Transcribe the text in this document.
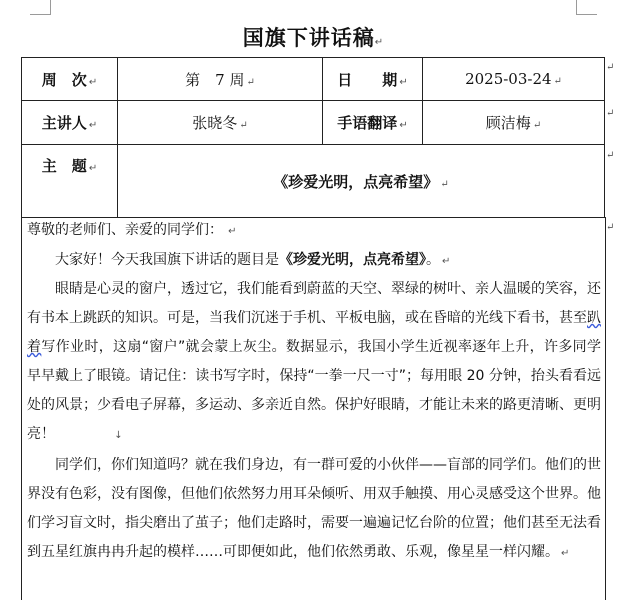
国旗下讲话稿↵
周　次 ↵	第　7 周 ↵	日　　期 ↵	2025-03-24 ↵
主讲人 ↵	张晓冬 ↵	手语翻译 ↵	顾洁梅 ↵
主　题 ↵	《珍爱光明，点亮希望》 ↵		
↵
↵
↵
↵
尊敬的老师们、亲爱的同学们： ↵
大家好！今天我国旗下讲话的题目是《珍爱光明，点亮希望》。 ↵
眼睛是心灵的窗户，透过它，我们能看到蔚蓝的天空、翠绿的树叶、亲人温暖的笑容，还有书本上跳跃的知识。可是，当我们沉迷于手机、平板电脑，或在昏暗的光线下看书，甚至趴着写作业时，这扇“窗户”就会蒙上灰尘。数据显示，我国小学生近视率逐年上升，许多同学早早戴上了眼镜。请记住：读书写字时，保持“一拳一尺一寸”；每用眼 20 分钟，抬头看看远处的风景；少看电子屏幕，多运动、多亲近自然。保护好眼睛，才能让未来的路更清晰、更明亮！                  ↓
同学们，你们知道吗？就在我们身边，有一群可爱的小伙伴——盲部的同学们。他们的世界没有色彩，没有图像，但他们依然努力用耳朵倾听、用双手触摸、用心灵感受这个世界。他们学习盲文时，指尖磨出了茧子；他们走路时，需要一遍遍记忆台阶的位置；他们甚至无法看到五星红旗冉冉升起的模样……可即便如此，他们依然勇敢、乐观，像星星一样闪耀。 ↵
